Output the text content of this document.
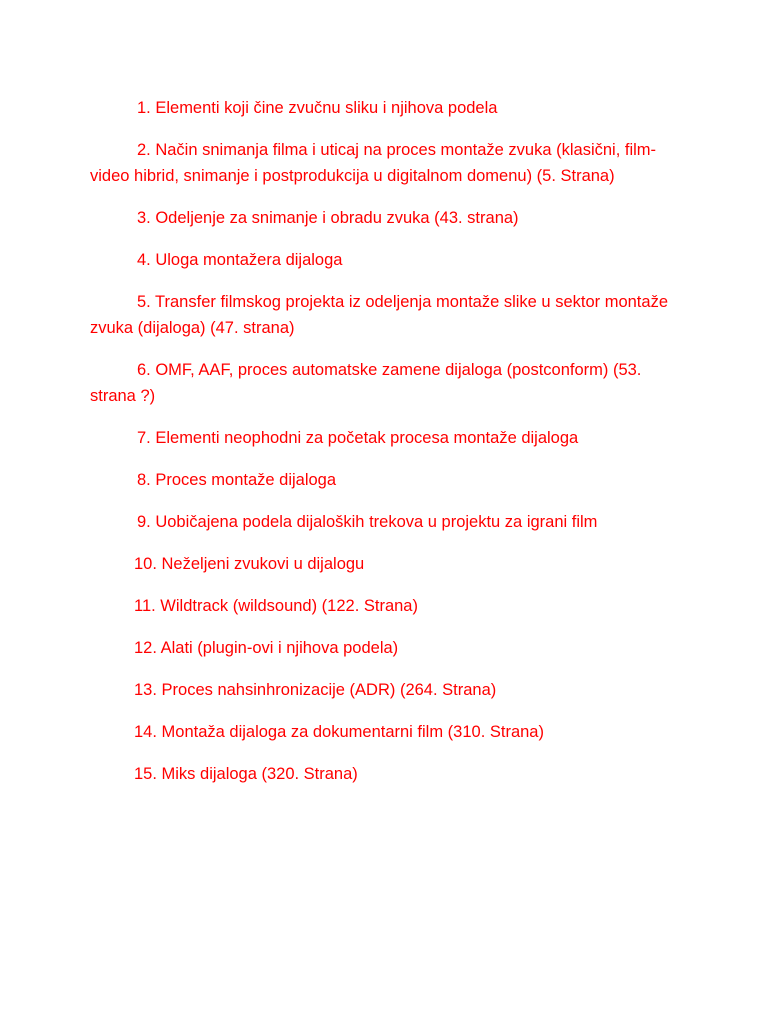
1. Elementi koji čine zvučnu sliku i njihova podela
2. Način snimanja filma i uticaj na proces montaže zvuka (klasični, film-video hibrid, snimanje i postprodukcija u digitalnom domenu) (5. Strana)
3. Odeljenje za snimanje i obradu zvuka (43. strana)
4. Uloga montažera dijaloga
5. Transfer filmskog projekta iz odeljenja montaže slike u sektor montaže zvuka (dijaloga) (47. strana)
6. OMF, AAF, proces automatske zamene dijaloga (postconform) (53. strana ?)
7. Elementi neophodni za početak procesa montaže dijaloga
8. Proces montaže dijaloga
9. Uobičajena podela dijaloških trekova u projektu za igrani film
10. Neželjeni zvukovi u dijalogu
11. Wildtrack (wildsound) (122. Strana)
12. Alati (plugin-ovi i njihova podela)
13. Proces nahsinhronizacije (ADR) (264. Strana)
14. Montaža dijaloga za dokumentarni film (310. Strana)
15. Miks dijaloga (320. Strana)
